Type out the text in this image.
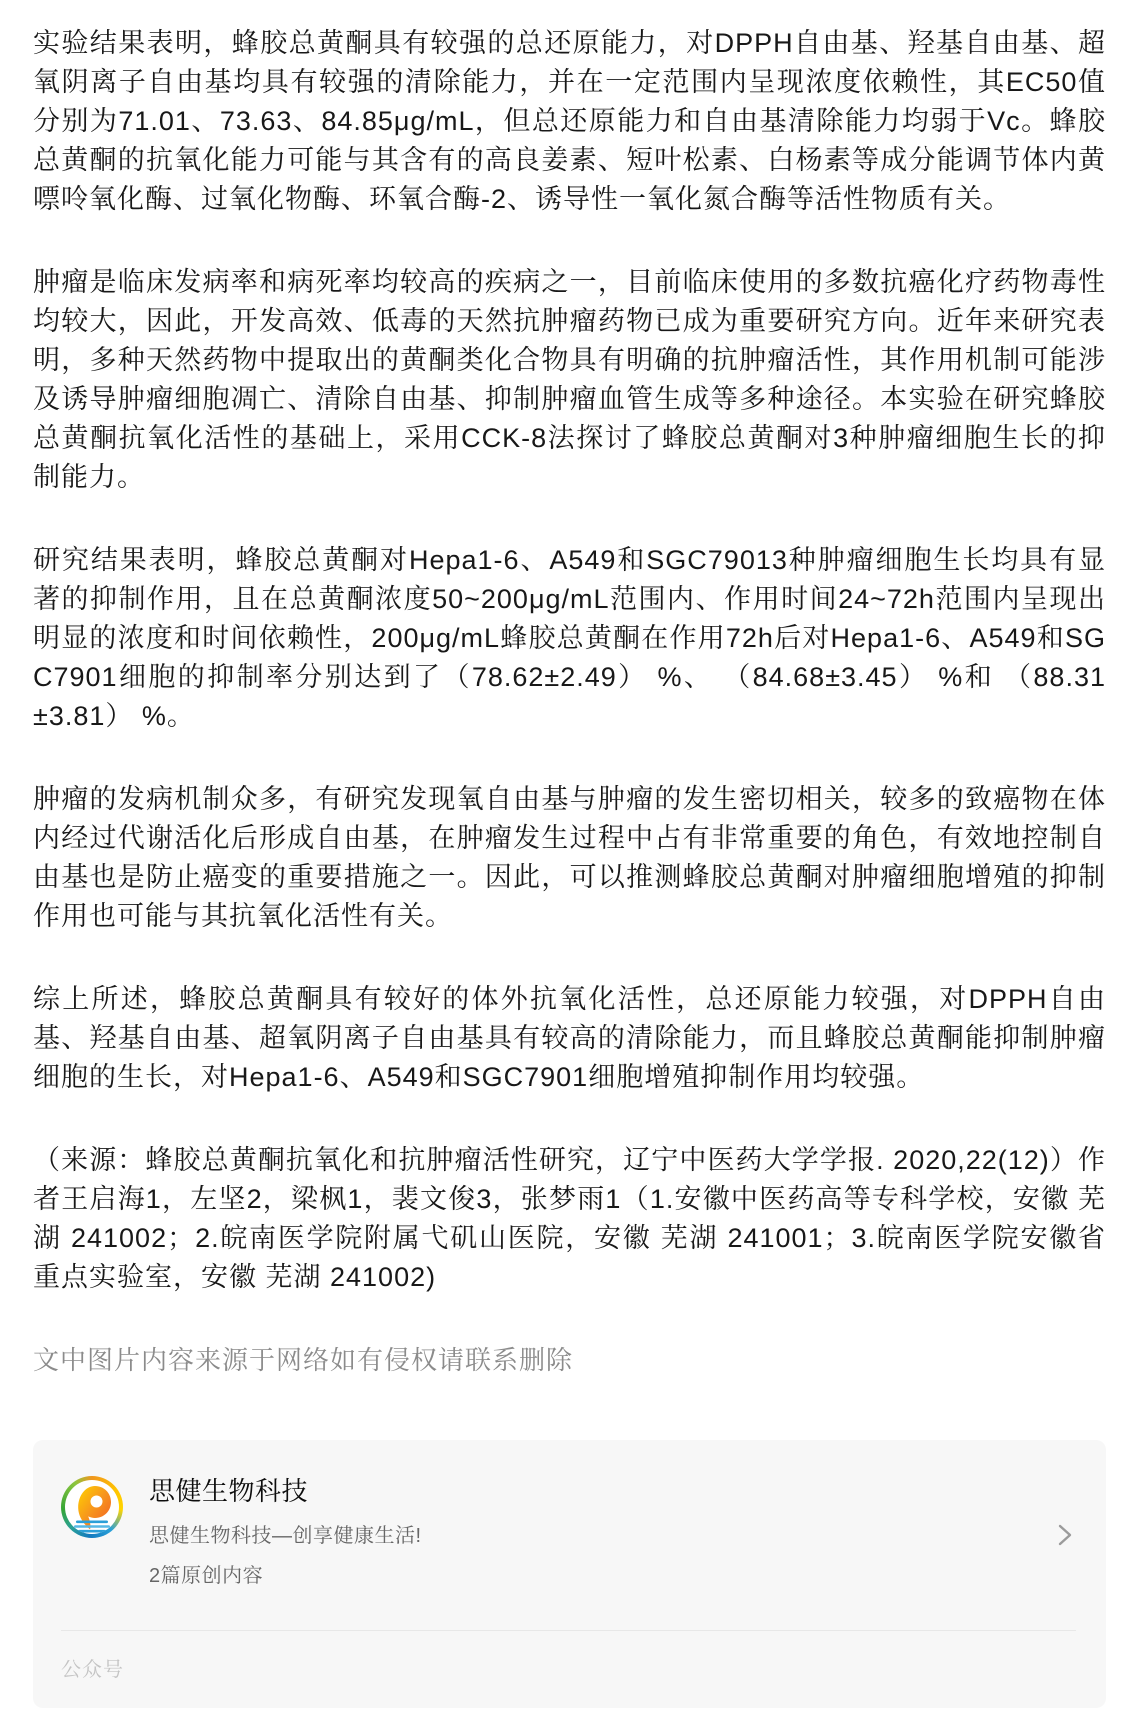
实验结果表明，蜂胶总黄酮具有较强的总还原能力，对DPPH自由基、羟基自由基、超氧阴离子自由基均具有较强的清除能力，并在一定范围内呈现浓度依赖性，其EC50值分别为71.01、73.63、84.85μg/mL，但总还原能力和自由基清除能力均弱于Vc。蜂胶总黄酮的抗氧化能力可能与其含有的高良姜素、短叶松素、白杨素等成分能调节体内黄嘌呤氧化酶、过氧化物酶、环氧合酶-2、诱导性一氧化氮合酶等活性物质有关。

肿瘤是临床发病率和病死率均较高的疾病之一，目前临床使用的多数抗癌化疗药物毒性均较大，因此，开发高效、低毒的天然抗肿瘤药物已成为重要研究方向。近年来研究表明，多种天然药物中提取出的黄酮类化合物具有明确的抗肿瘤活性，其作用机制可能涉及诱导肿瘤细胞凋亡、清除自由基、抑制肿瘤血管生成等多种途径。本实验在研究蜂胶总黄酮抗氧化活性的基础上，采用CCK-8法探讨了蜂胶总黄酮对3种肿瘤细胞生长的抑制能力。

研究结果表明，蜂胶总黄酮对Hepa1-6、A549和SGC79013种肿瘤细胞生长均具有显著的抑制作用，且在总黄酮浓度50~200μg/mL范围内、作用时间24~72h范围内呈现出明显的浓度和时间依赖性，200μg/mL蜂胶总黄酮在作用72h后对Hepa1-6、A549和SGC7901细胞的抑制率分别达到了（78.62±2.49） %、 （84.68±3.45） %和 （88.31±3.81） %。

肿瘤的发病机制众多，有研究发现氧自由基与肿瘤的发生密切相关，较多的致癌物在体内经过代谢活化后形成自由基，在肿瘤发生过程中占有非常重要的角色，有效地控制自由基也是防止癌变的重要措施之一。因此，可以推测蜂胶总黄酮对肿瘤细胞增殖的抑制作用也可能与其抗氧化活性有关。

综上所述，蜂胶总黄酮具有较好的体外抗氧化活性，总还原能力较强，对DPPH自由基、羟基自由基、超氧阴离子自由基具有较高的清除能力，而且蜂胶总黄酮能抑制肿瘤细胞的生长，对Hepa1-6、A549和SGC7901细胞增殖抑制作用均较强。

（来源：蜂胶总黄酮抗氧化和抗肿瘤活性研究，辽宁中医药大学学报. 2020,22(12)）作者王启海1，左坚2，梁枫1，裴文俊3，张梦雨1（1.安徽中医药高等专科学校，安徽 芜湖 241002；2.皖南医学院附属弋矶山医院，安徽 芜湖 241001；3.皖南医学院安徽省重点实验室，安徽 芜湖 241002)

文中图片内容来源于网络如有侵权请联系删除

思健生物科技
思健生物科技—创享健康生活!
2篇原创内容
公众号
